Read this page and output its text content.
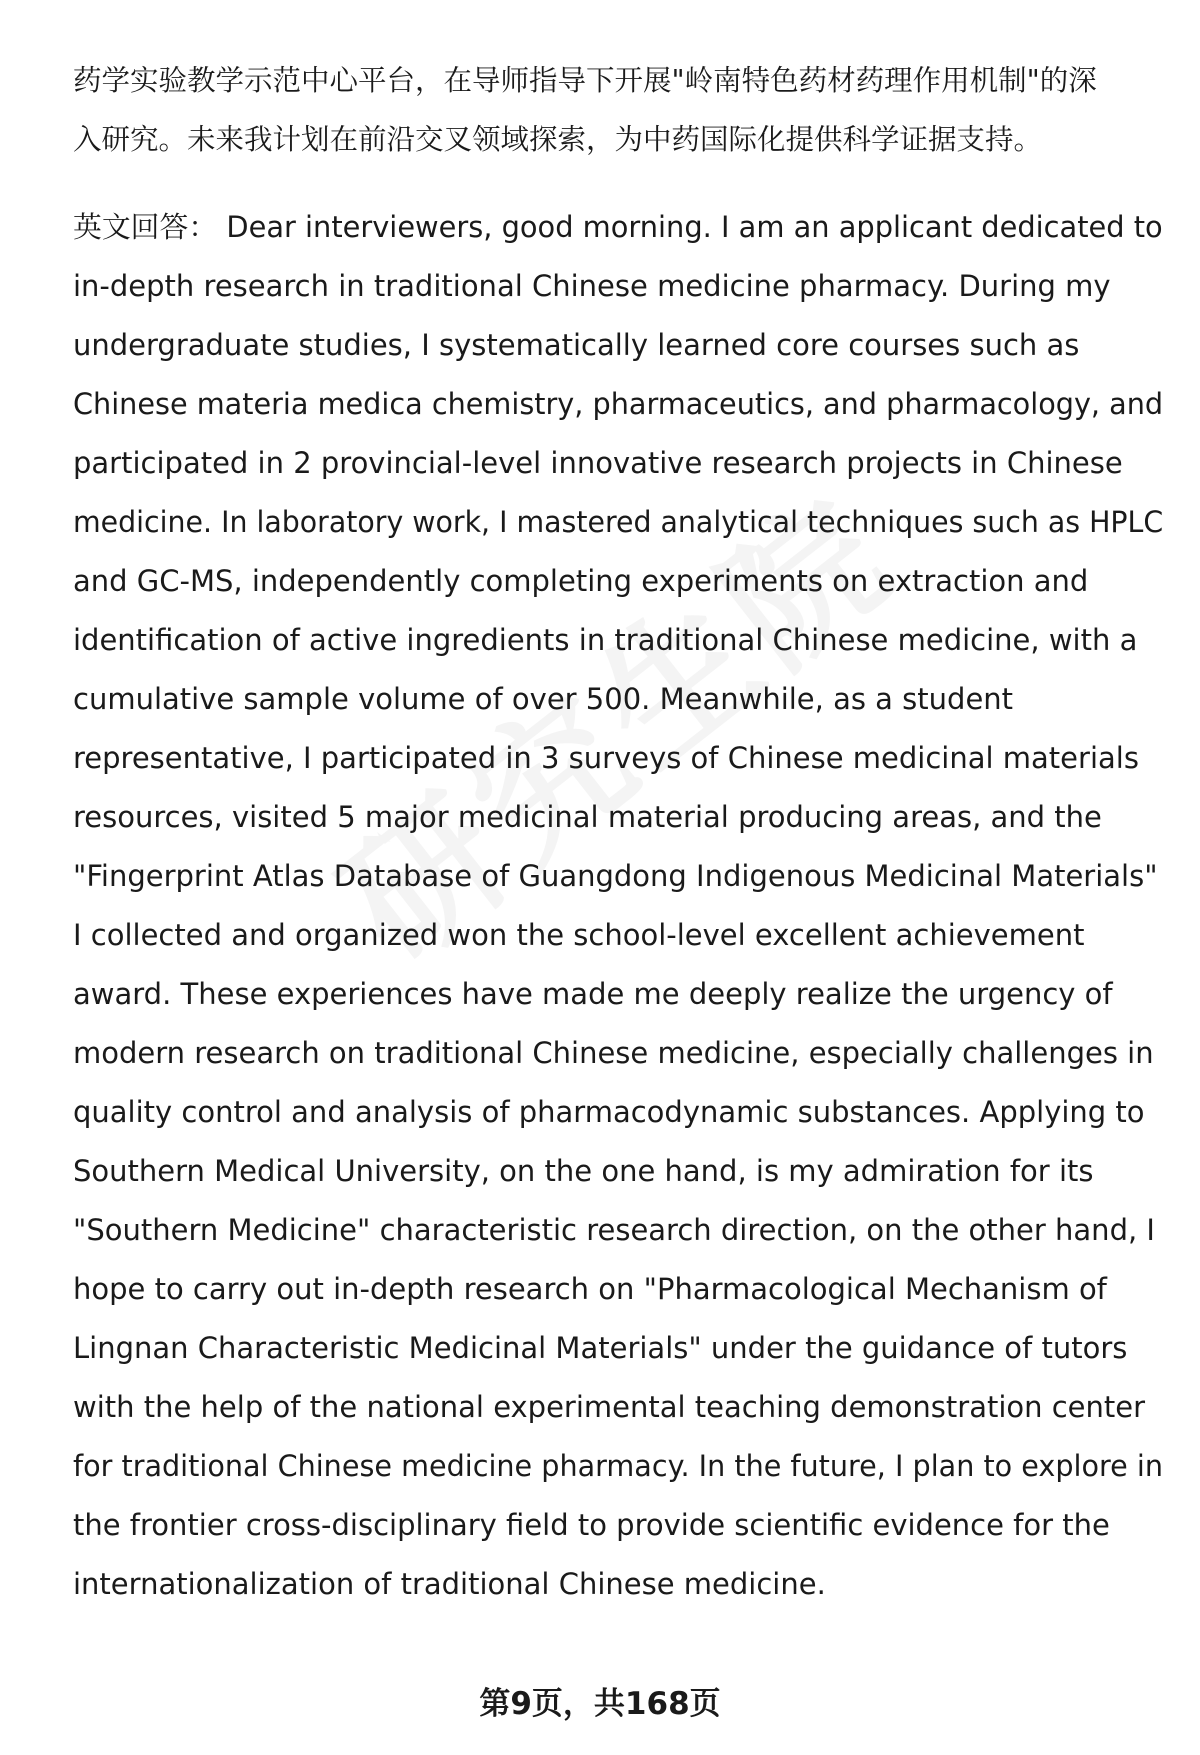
药学实验教学示范中心平台，在导师指导下开展"岭南特色药材药理作用机制"的深
入研究。未来我计划在前沿交叉领域探索，为中药国际化提供科学证据支持。
英文回答： Dear interviewers, good morning. I am an applicant dedicated to
in-depth research in traditional Chinese medicine pharmacy. During my
undergraduate studies, I systematically learned core courses such as
Chinese materia medica chemistry, pharmaceutics, and pharmacology, and
participated in 2 provincial-level innovative research projects in Chinese
medicine. In laboratory work, I mastered analytical techniques such as HPLC
and GC-MS, independently completing experiments on extraction and
identification of active ingredients in traditional Chinese medicine, with a
cumulative sample volume of over 500. Meanwhile, as a student
representative, I participated in 3 surveys of Chinese medicinal materials
resources, visited 5 major medicinal material producing areas, and the
"Fingerprint Atlas Database of Guangdong Indigenous Medicinal Materials"
I collected and organized won the school-level excellent achievement
award. These experiences have made me deeply realize the urgency of
modern research on traditional Chinese medicine, especially challenges in
quality control and analysis of pharmacodynamic substances. Applying to
Southern Medical University, on the one hand, is my admiration for its
"Southern Medicine" characteristic research direction, on the other hand, I
hope to carry out in-depth research on "Pharmacological Mechanism of
Lingnan Characteristic Medicinal Materials" under the guidance of tutors
with the help of the national experimental teaching demonstration center
for traditional Chinese medicine pharmacy. In the future, I plan to explore in
the frontier cross-disciplinary field to provide scientific evidence for the
internationalization of traditional Chinese medicine.
第9页，共168页
